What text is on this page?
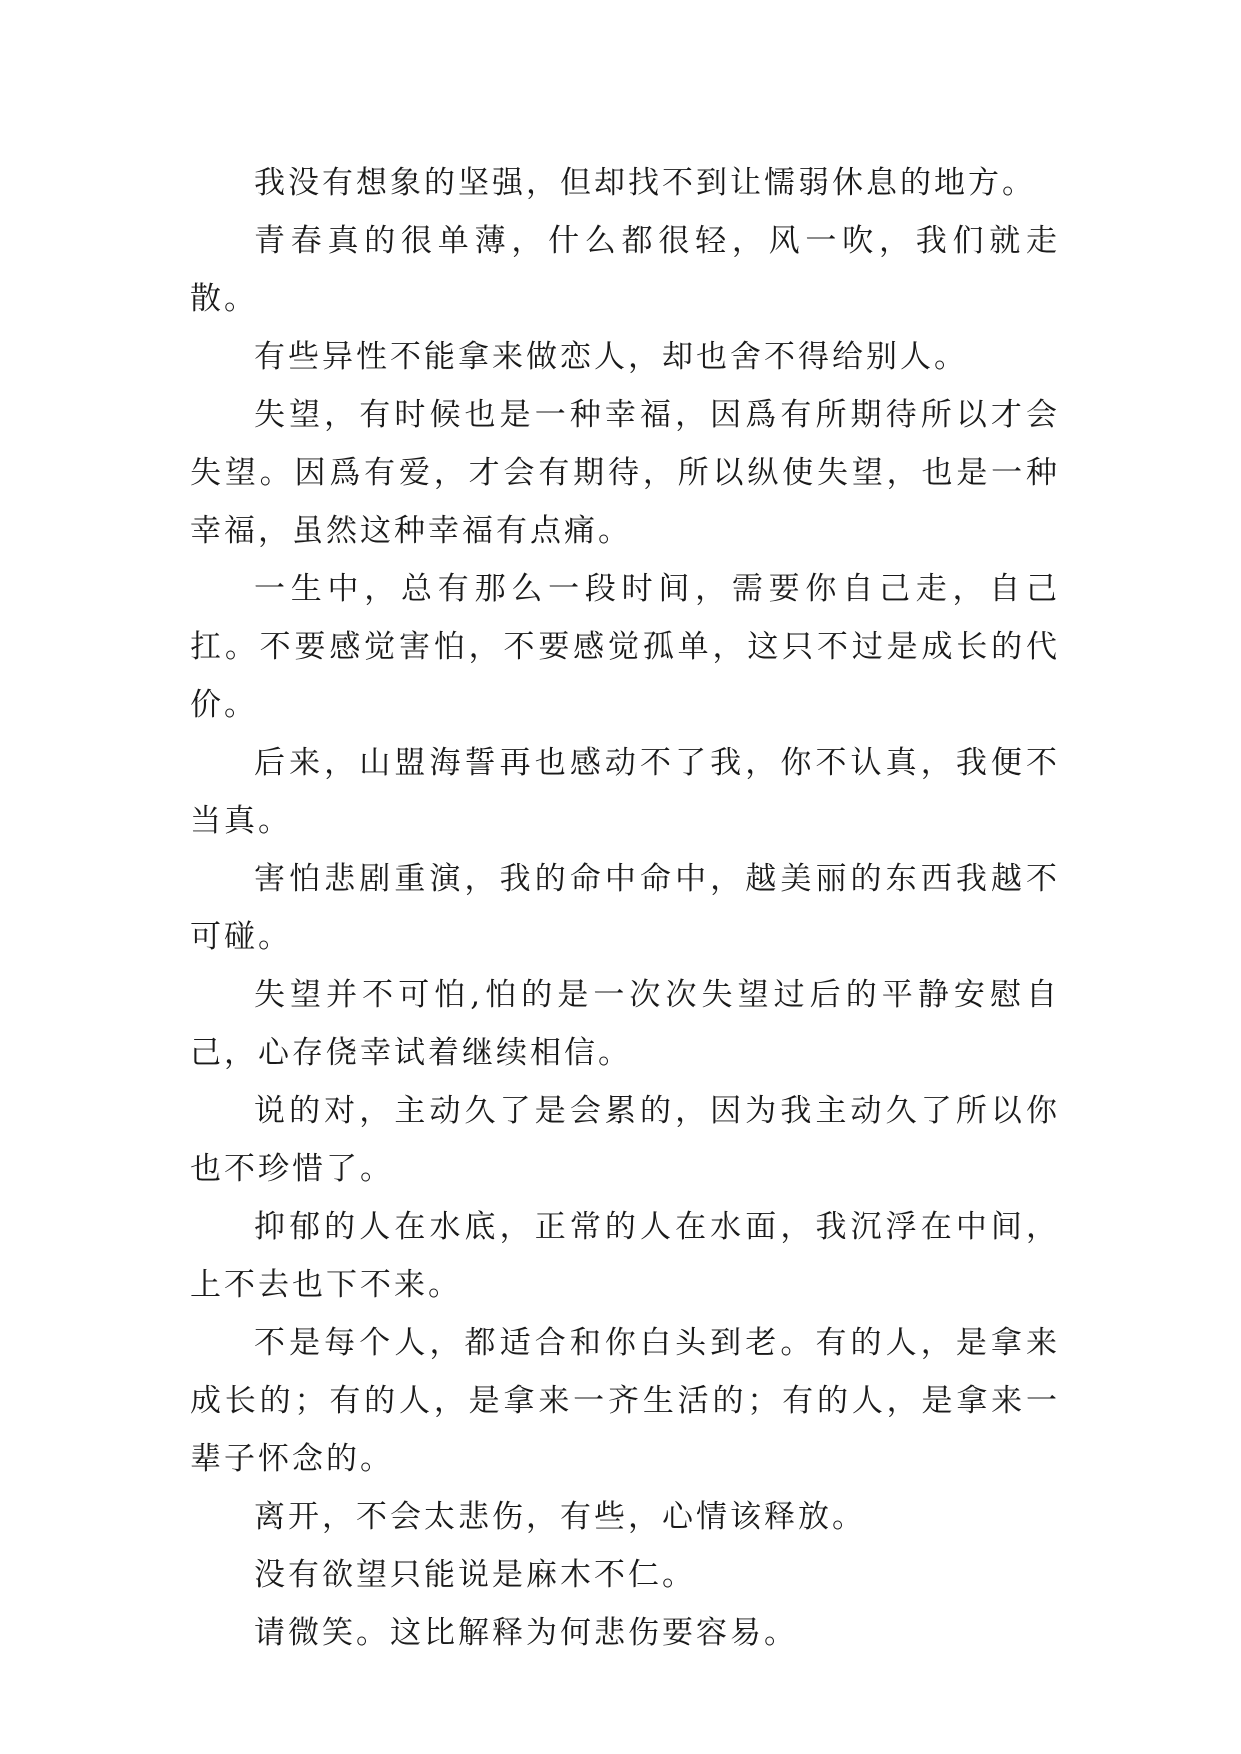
我没有想象的坚强，但却找不到让懦弱休息的地方。

青春真的很单薄，什么都很轻，风一吹，我们就走散。

有些异性不能拿来做恋人，却也舍不得给别人。

失望，有时候也是一种幸福，因爲有所期待所以才会失望。因爲有爱，才会有期待，所以纵使失望，也是一种幸福，虽然这种幸福有点痛。

一生中，总有那么一段时间，需要你自己走，自己扛。不要感觉害怕，不要感觉孤单，这只不过是成长的代价。

后来，山盟海誓再也感动不了我，你不认真，我便不当真。

害怕悲剧重演，我的命中命中，越美丽的东西我越不可碰。

失望并不可怕,怕的是一次次失望过后的平静安慰自己，心存侥幸试着继续相信。

说的对，主动久了是会累的，因为我主动久了所以你也不珍惜了。

抑郁的人在水底，正常的人在水面，我沉浮在中间，上不去也下不来。

不是每个人，都适合和你白头到老。有的人，是拿来成长的；有的人，是拿来一齐生活的；有的人，是拿来一辈子怀念的。

离开，不会太悲伤，有些，心情该释放。

没有欲望只能说是麻木不仁。

请微笑。这比解释为何悲伤要容易。
